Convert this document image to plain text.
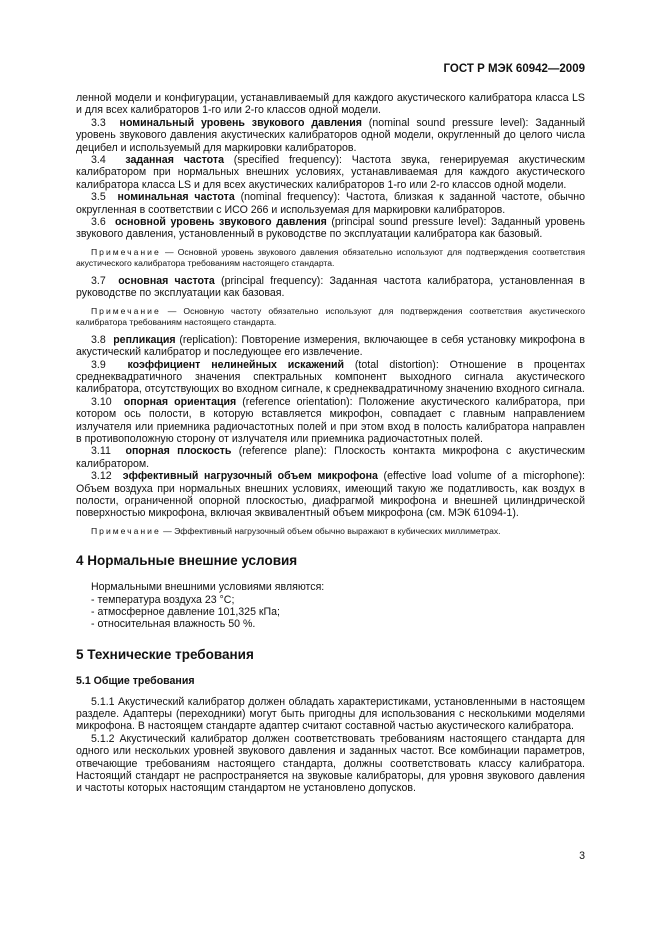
ГОСТ Р МЭК 60942—2009

ленной модели и конфигурации, устанавливаемый для каждого акустического калибратора класса LS и для всех калибраторов 1-го или 2-го классов одной модели.

3.3 номинальный уровень звукового давления (nominal sound pressure level): Заданный уровень звукового давления акустических калибраторов одной модели, округленный до целого числа децибел и используемый для маркировки калибраторов.

3.4 заданная частота (specified frequency): Частота звука, генерируемая акустическим калибратором при нормальных внешних условиях, устанавливаемая для каждого акустического калибратора класса LS и для всех акустических калибраторов 1-го или 2-го классов одной модели.

3.5 номинальная частота (nominal frequency): Частота, близкая к заданной частоте, обычно округленная в соответствии с ИСО 266 и используемая для маркировки калибраторов.

3.6 основной уровень звукового давления (principal sound pressure level): Заданный уровень звукового давления, установленный в руководстве по эксплуатации калибратора как базовый.

Примечание — Основной уровень звукового давления обязательно используют для подтверждения соответствия акустического калибратора требованиям настоящего стандарта.

3.7 основная частота (principal frequency): Заданная частота калибратора, установленная в руководстве по эксплуатации как базовая.

Примечание — Основную частоту обязательно используют для подтверждения соответствия акустического калибратора требованиям настоящего стандарта.

3.8 репликация (replication): Повторение измерения, включающее в себя установку микрофона в акустический калибратор и последующее его извлечение.

3.9 коэффициент нелинейных искажений (total distortion): Отношение в процентах среднеквадратичного значения спектральных компонент выходного сигнала акустического калибратора, отсутствующих во входном сигнале, к среднеквадратичному значению входного сигнала.

3.10 опорная ориентация (reference orientation): Положение акустического калибратора, при котором ось полости, в которую вставляется микрофон, совпадает с главным направлением излучателя или приемника радиочастотных полей и при этом вход в полость калибратора направлен в противоположную сторону от излучателя или приемника радиочастотных полей.

3.11 опорная плоскость (reference plane): Плоскость контакта микрофона с акустическим калибратором.

3.12 эффективный нагрузочный объем микрофона (effective load volume of a microphone): Объем воздуха при нормальных внешних условиях, имеющий такую же податливость, как воздух в полости, ограниченной опорной плоскостью, диафрагмой микрофона и внешней цилиндрической поверхностью микрофона, включая эквивалентный объем микрофона (см. МЭК 61094-1).

Примечание — Эффективный нагрузочный объем обычно выражают в кубических миллиметрах.

4 Нормальные внешние условия

Нормальными внешними условиями являются:

- температура воздуха 23 °С;

- атмосферное давление 101,325 кПа;

- относительная влажность 50 %.

5 Технические требования
5.1 Общие требования

5.1.1 Акустический калибратор должен обладать характеристиками, установленными в настоящем разделе. Адаптеры (переходники) могут быть пригодны для использования с несколькими моделями микрофона. В настоящем стандарте адаптер считают составной частью акустического калибратора.

5.1.2 Акустический калибратор должен соответствовать требованиям настоящего стандарта для одного или нескольких уровней звукового давления и заданных частот. Все комбинации параметров, отвечающие требованиям настоящего стандарта, должны соответствовать классу калибратора. Настоящий стандарт не распространяется на звуковые калибраторы, для уровня звукового давления и частоты которых настоящим стандартом не установлено допусков.

3
